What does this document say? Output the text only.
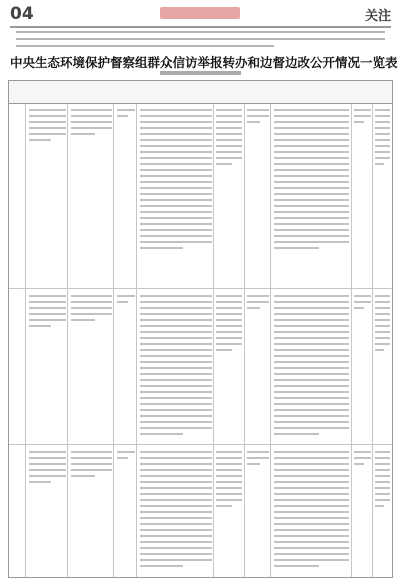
04	关注
中央生态环境保护督察组群众信访举报转办和边督边改公开情况一览表
